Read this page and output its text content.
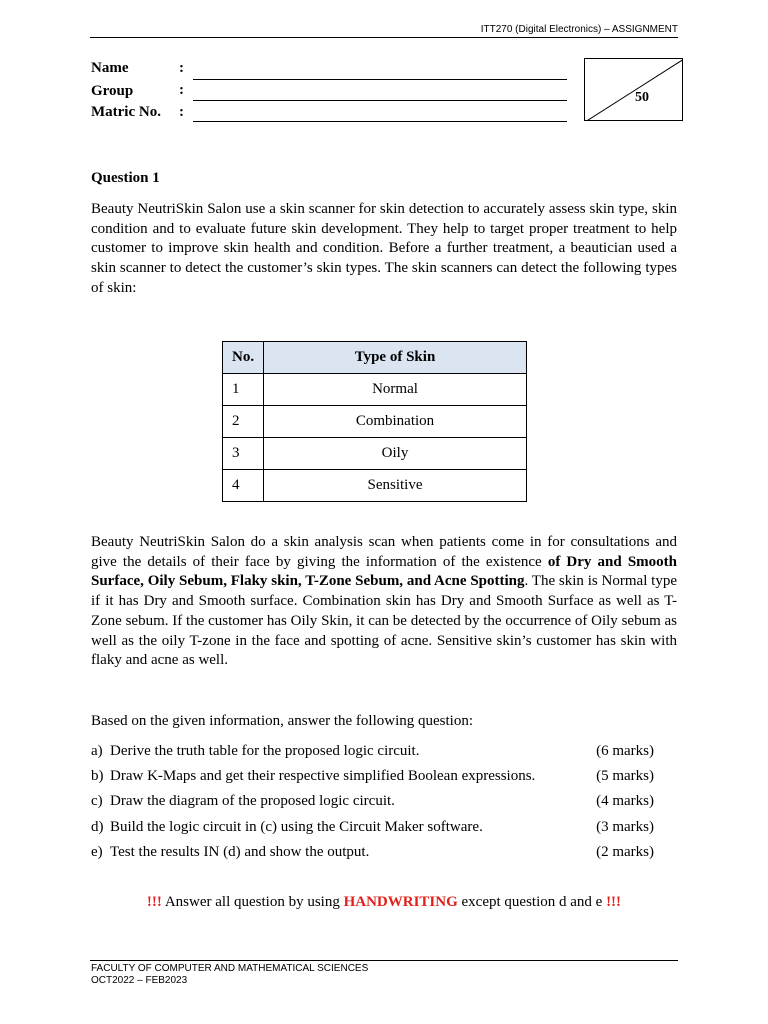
ITT270 (Digital Electronics) – ASSIGNMENT
Name	:
Group	:
Matric No. :
50
Question 1
Beauty NeutriSkin Salon use a skin scanner for skin detection to accurately assess skin type, skin condition and to evaluate future skin development. They help to target proper treatment to help customer to improve skin health and condition. Before a further treatment, a beautician used a skin scanner to detect the customer’s skin types. The skin scanners can detect the following types of skin:
No.	Type of Skin
1	Normal
2	Combination
3	Oily
4	Sensitive
Beauty NeutriSkin Salon do a skin analysis scan when patients come in for consultations and give the details of their face by giving the information of the existence of Dry and Smooth Surface, Oily Sebum, Flaky skin, T-Zone Sebum, and Acne Spotting. The skin is Normal type if it has Dry and Smooth surface. Combination skin has Dry and Smooth Surface as well as T-Zone sebum. If the customer has Oily Skin, it can be detected by the occurrence of Oily sebum as well as the oily T-zone in the face and spotting of acne. Sensitive skin’s customer has skin with flaky and acne as well.
Based on the given information, answer the following question:
a) Derive the truth table for the proposed logic circuit.	(6 marks)
b) Draw K-Maps and get their respective simplified Boolean expressions.	(5 marks)
c) Draw the diagram of the proposed logic circuit.	(4 marks)
d) Build the logic circuit in (c) using the Circuit Maker software.	(3 marks)
e) Test the results IN (d) and show the output.	(2 marks)
!!! Answer all question by using HANDWRITING except question d and e !!!
FACULTY OF COMPUTER AND MATHEMATICAL SCIENCES
OCT2022 – FEB2023
